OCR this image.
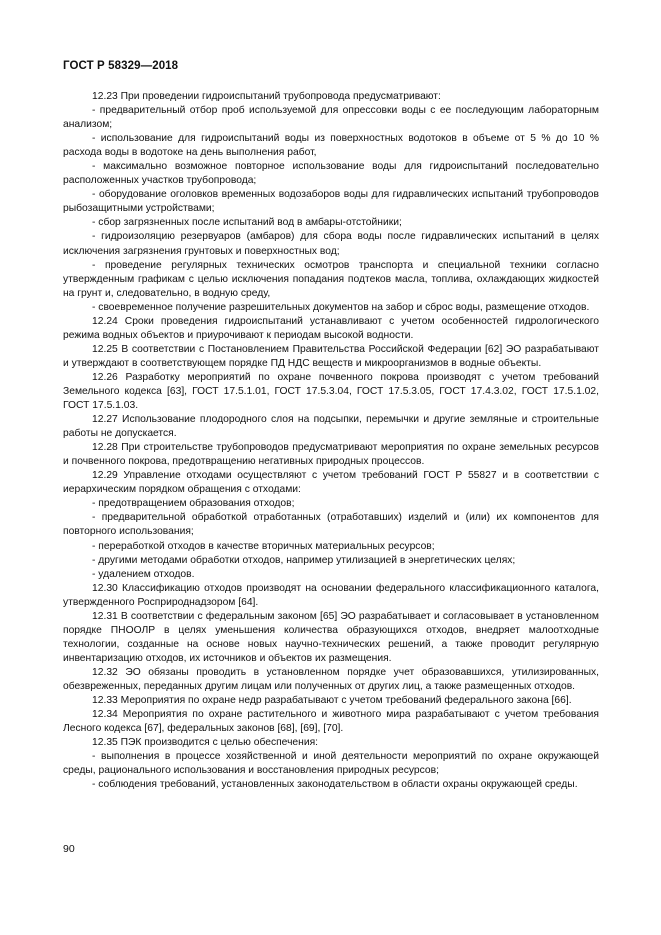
ГОСТ Р 58329—2018

12.23 При проведении гидроиспытаний трубопровода предусматривают:

- предварительный отбор проб используемой для опрессовки воды с ее последующим лабораторным анализом;

- использование для гидроиспытаний воды из поверхностных водотоков в объеме от 5 % до 10 % расхода воды в водотоке на день выполнения работ,

- максимально возможное повторное использование воды для гидроиспытаний последовательно расположенных участков трубопровода;

- оборудование оголовков временных водозаборов воды для гидравлических испытаний трубопроводов рыбозащитными устройствами;

- сбор загрязненных после испытаний вод в амбары-отстойники;

- гидроизоляцию резервуаров (амбаров) для сбора воды после гидравлических испытаний в целях исключения загрязнения грунтовых и поверхностных вод;

- проведение регулярных технических осмотров транспорта и специальной техники согласно утвержденным графикам с целью исключения попадания подтеков масла, топлива, охлаждающих жидкостей на грунт и, следовательно, в водную среду,

- своевременное получение разрешительных документов на забор и сброс воды, размещение отходов.

12.24 Сроки проведения гидроиспытаний устанавливают с учетом особенностей гидрологического режима водных объектов и приурочивают к периодам высокой водности.

12.25 В соответствии с Постановлением Правительства Российской Федерации [62] ЭО разрабатывают и утверждают в соответствующем порядке ПД НДС веществ и микроорганизмов в водные объекты.

12.26 Разработку мероприятий по охране почвенного покрова производят с учетом требований Земельного кодекса [63], ГОСТ 17.5.1.01, ГОСТ 17.5.3.04, ГОСТ 17.5.3.05, ГОСТ 17.4.3.02, ГОСТ 17.5.1.02, ГОСТ 17.5.1.03.

12.27 Использование плодородного слоя на подсыпки, перемычки и другие земляные и строительные работы не допускается.

12.28 При строительстве трубопроводов предусматривают мероприятия по охране земельных ресурсов и почвенного покрова, предотвращению негативных природных процессов.

12.29 Управление отходами осуществляют с учетом требований ГОСТ Р 55827 и в соответствии с иерархическим порядком обращения с отходами:

- предотвращением образования отходов;

- предварительной обработкой отработанных (отработавших) изделий и (или) их компонентов для повторного использования;

- переработкой отходов в качестве вторичных материальных ресурсов;

- другими методами обработки отходов, например утилизацией в энергетических целях;

- удалением отходов.

12.30 Классификацию отходов производят на основании федерального классификационного каталога, утвержденного Росприроднадзором [64].

12.31 В соответствии с федеральным законом [65] ЭО разрабатывает и согласовывает в установленном порядке ПНООЛР в целях уменьшения количества образующихся отходов, внедряет малоотходные технологии, созданные на основе новых научно-технических решений, а также проводит регулярную инвентаризацию отходов, их источников и объектов их размещения.

12.32 ЭО обязаны проводить в установленном порядке учет образовавшихся, утилизированных, обезвреженных, переданных другим лицам или полученных от других лиц, а также размещенных отходов.

12.33 Мероприятия по охране недр разрабатывают с учетом требований федерального закона [66].

12.34 Мероприятия по охране растительного и животного мира разрабатывают с учетом требования Лесного кодекса [67], федеральных законов [68], [69], [70].

12.35 ПЭК производится с целью обеспечения:

- выполнения в процессе хозяйственной и иной деятельности мероприятий по охране окружающей среды, рационального использования и восстановления природных ресурсов;

- соблюдения требований, установленных законодательством в области охраны окружающей среды.

90
